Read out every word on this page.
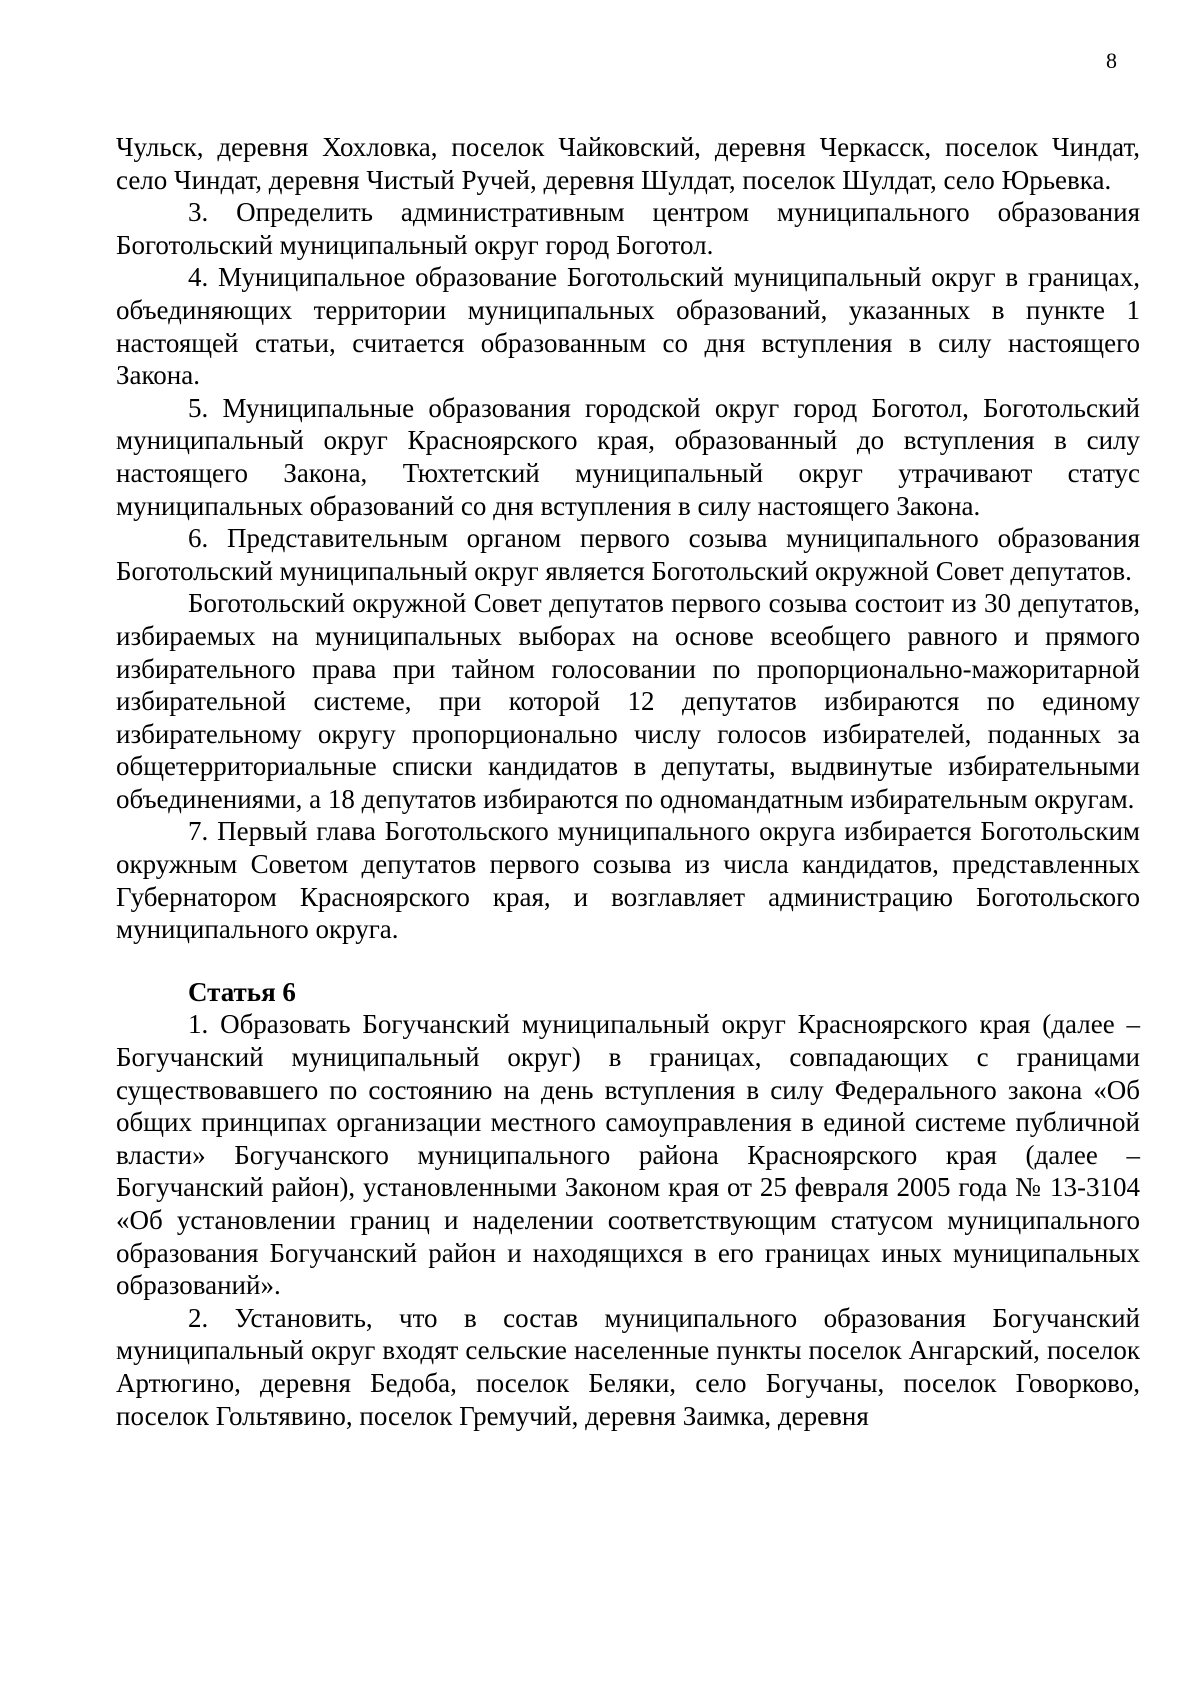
8

Чульск, деревня Хохловка, поселок Чайковский, деревня Черкасск, поселок Чиндат, село Чиндат, деревня Чистый Ручей, деревня Шулдат, поселок Шулдат, село Юрьевка.

3. Определить административным центром муниципального образования Боготольский муниципальный округ город Боготол.

4. Муниципальное образование Боготольский муниципальный округ в границах, объединяющих территории муниципальных образований, указанных в пункте 1 настоящей статьи, считается образованным со дня вступления в силу настоящего Закона.

5. Муниципальные образования городской округ город Боготол, Боготольский муниципальный округ Красноярского края, образованный до вступления в силу настоящего Закона, Тюхтетский муниципальный округ утрачивают статус муниципальных образований со дня вступления в силу настоящего Закона.

6. Представительным органом первого созыва муниципального образования Боготольский муниципальный округ является Боготольский окружной Совет депутатов.

Боготольский окружной Совет депутатов первого созыва состоит из 30 депутатов, избираемых на муниципальных выборах на основе всеобщего равного и прямого избирательного права при тайном голосовании по пропорционально-мажоритарной избирательной системе, при которой 12 депутатов избираются по единому избирательному округу пропорционально числу голосов избирателей, поданных за общетерриториальные списки кандидатов в депутаты, выдвинутые избирательными объединениями, а 18 депутатов избираются по одномандатным избирательным округам.

7. Первый глава Боготольского муниципального округа избирается Боготольским окружным Советом депутатов первого созыва из числа кандидатов, представленных Губернатором Красноярского края, и возглавляет администрацию Боготольского муниципального округа.

Статья 6

1. Образовать Богучанский муниципальный округ Красноярского края (далее – Богучанский муниципальный округ) в границах, совпадающих с границами существовавшего по состоянию на день вступления в силу Федерального закона «Об общих принципах организации местного самоуправления в единой системе публичной власти» Богучанского муниципального района Красноярского края (далее – Богучанский район), установленными Законом края от 25 февраля 2005 года № 13-3104 «Об установлении границ и наделении соответствующим статусом муниципального образования Богучанский район и находящихся в его границах иных муниципальных образований».

2. Установить, что в состав муниципального образования Богучанский муниципальный округ входят сельские населенные пункты поселок Ангарский, поселок Артюгино, деревня Бедоба, поселок Беляки, село Богучаны, поселок Говорково, поселок Гольтявино, поселок Гремучий, деревня Заимка, деревня
